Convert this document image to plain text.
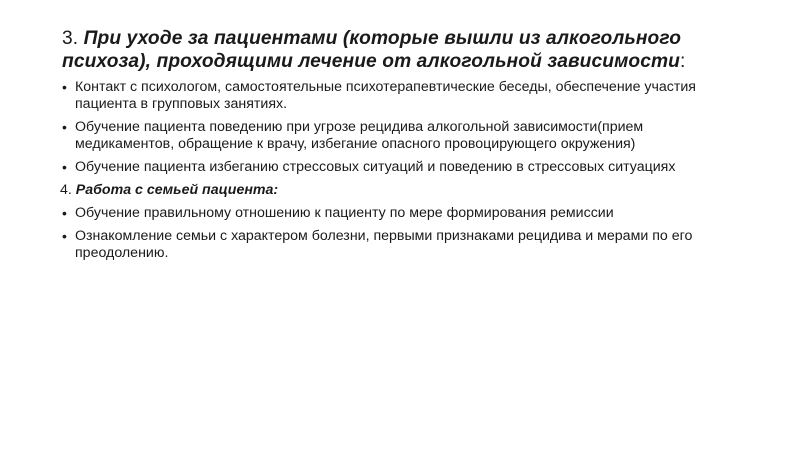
3. При уходе за пациентами (которые вышли из алкогольного психоза), проходящими лечение от алкогольной зависимости:
• Контакт с психологом, самостоятельные психотерапевтические беседы, обеспечение участия пациента в групповых занятиях.
• Обучение пациента поведению при угрозе рецидива алкогольной зависимости(прием медикаментов, обращение к врачу, избегание опасного провоцирующего окружения)
• Обучение пациента избеганию стрессовых ситуаций и поведению в стрессовых ситуациях
4. Работа с семьей пациента:
• Обучение правильному отношению к пациенту по мере формирования ремиссии
• Ознакомление семьи с характером болезни, первыми признаками рецидива и мерами по его преодолению.
